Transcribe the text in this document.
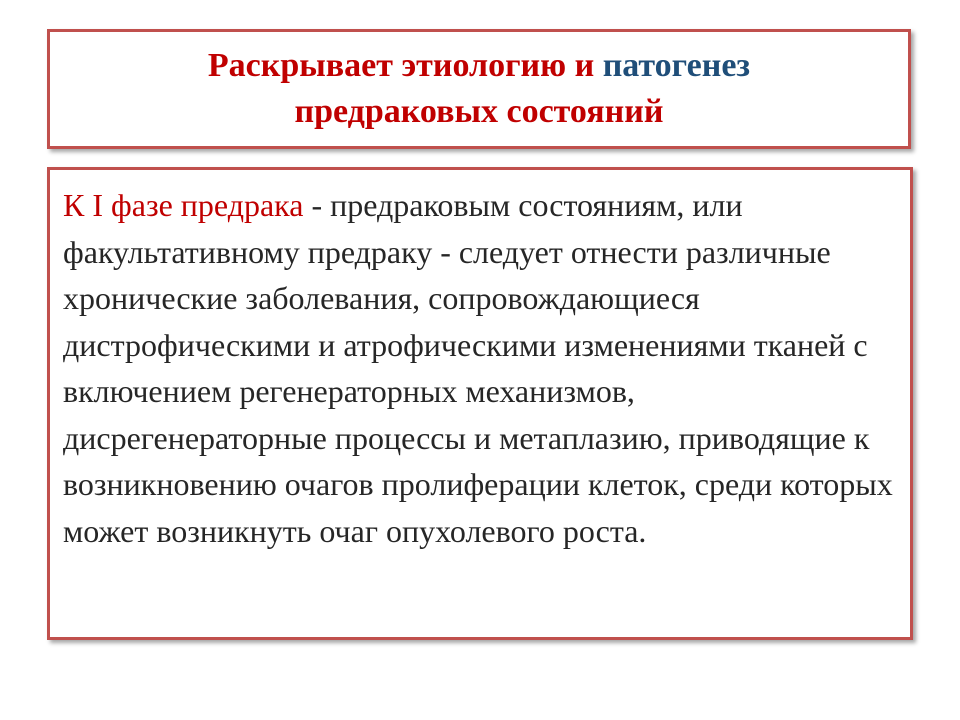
Раскрывает этиологию и патогенез
предраковых состояний

К I фазе предрака - предраковым состояниям, или факультативному предраку - следует отнести различные хронические заболевания, сопровождающиеся дистрофическими и атрофическими изменениями тканей с включением регенераторных механизмов, дисрегенераторные процессы и метаплазию, приводящие к возникновению очагов пролиферации клеток, среди которых может возникнуть очаг опухолевого роста.
